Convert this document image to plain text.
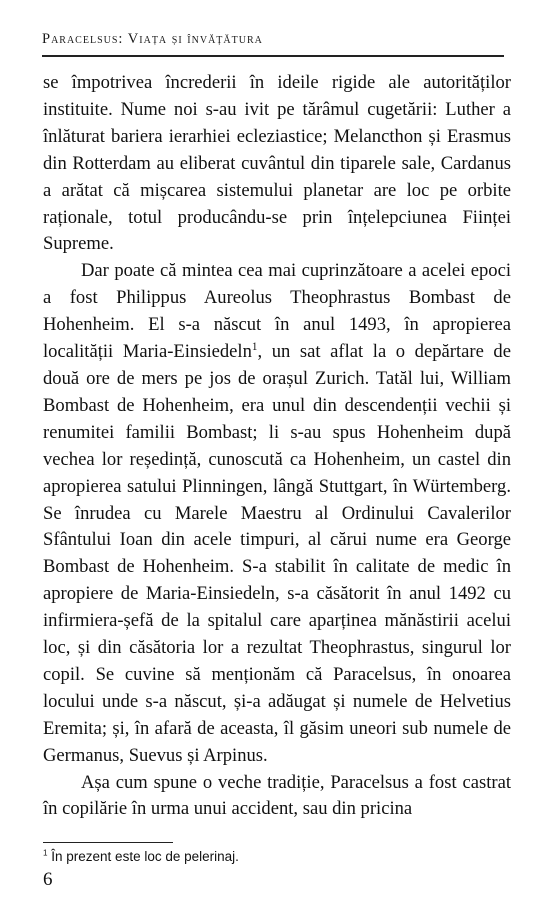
Paracelsus: Viața și învățătura

se împotrivea încrederii în ideile rigide ale autorităților instituite. Nume noi s-au ivit pe tărâmul cugetării: Luther a înlăturat bariera ierarhiei ecleziastice; Melancthon și Erasmus din Rotterdam au eliberat cuvântul din tiparele sale, Cardanus a arătat că mișcarea sistemului planetar are loc pe orbite raționale, totul producându-se prin înțelepciunea Ființei Supreme.

Dar poate că mintea cea mai cuprinzătoare a acelei epoci a fost Philippus Aureolus Theophrastus Bombast de Hohenheim. El s-a născut în anul 1493, în apropierea localității Maria-Einsiedeln$^1$, un sat aflat la o depărtare de două ore de mers pe jos de orașul Zurich. Tatăl lui, William Bombast de Hohenheim, era unul din descendenții vechii și renumitei familii Bombast; li s-au spus Hohenheim după vechea lor reședință, cunoscută ca Hohenheim, un castel din apropierea satului Plinningen, lângă Stuttgart, în Würtemberg. Se înrudea cu Marele Maestru al Ordinului Cavalerilor Sfântului Ioan din acele timpuri, al cărui nume era George Bombast de Hohenheim. S-a stabilit în calitate de medic în apropiere de Maria-Einsiedeln, s-a căsătorit în anul 1492 cu infirmiera-șefă de la spitalul care aparținea mănăstirii acelui loc, și din căsătoria lor a rezultat Theophrastus, singurul lor copil. Se cuvine să menționăm că Paracelsus, în onoarea locului unde s-a născut, și-a adăugat și numele de Helvetius Eremita; și, în afară de aceasta, îl găsim uneori sub numele de Germanus, Suevus și Arpinus.

Așa cum spune o veche tradiție, Paracelsus a fost castrat în copilărie în urma unui accident, sau din pricina

$^1$ În prezent este loc de pelerinaj.
6
